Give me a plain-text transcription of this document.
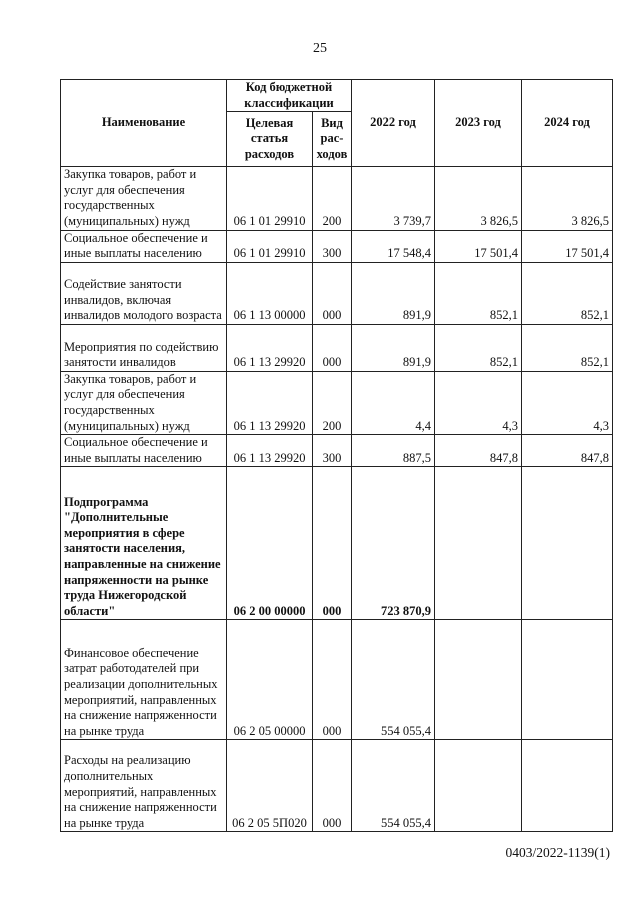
25
Наименование	Код бюджетной классификации		2022 год	2023 год	2024 год
	Целевая статья расходов	Вид рас-ходов			
Закупка товаров, работ и услуг для обеспечения государственных (муниципальных) нужд	06 1 01 29910	200	3 739,7	3 826,5	3 826,5
Социальное обеспечение и иные выплаты населению	06 1 01 29910	300	17 548,4	17 501,4	17 501,4
Содействие занятости инвалидов, включая инвалидов молодого возраста	06 1 13 00000	000	891,9	852,1	852,1
Мероприятия по содействию занятости инвалидов	06 1 13 29920	000	891,9	852,1	852,1
Закупка товаров, работ и услуг для обеспечения государственных (муниципальных) нужд	06 1 13 29920	200	4,4	4,3	4,3
Социальное обеспечение и иные выплаты населению	06 1 13 29920	300	887,5	847,8	847,8
Подпрограмма "Дополнительные мероприятия в сфере занятости населения, направленные на снижение напряженности на рынке труда Нижегородской области"	06 2 00 00000	000	723 870,9		
Финансовое обеспечение затрат работодателей при реализации дополнительных мероприятий, направленных на снижение напряженности на рынке труда	06 2 05 00000	000	554 055,4		
Расходы на реализацию дополнительных мероприятий, направленных на снижение напряженности на рынке труда	06 2 05 5П020	000	554 055,4		
0403/2022-1139(1)
